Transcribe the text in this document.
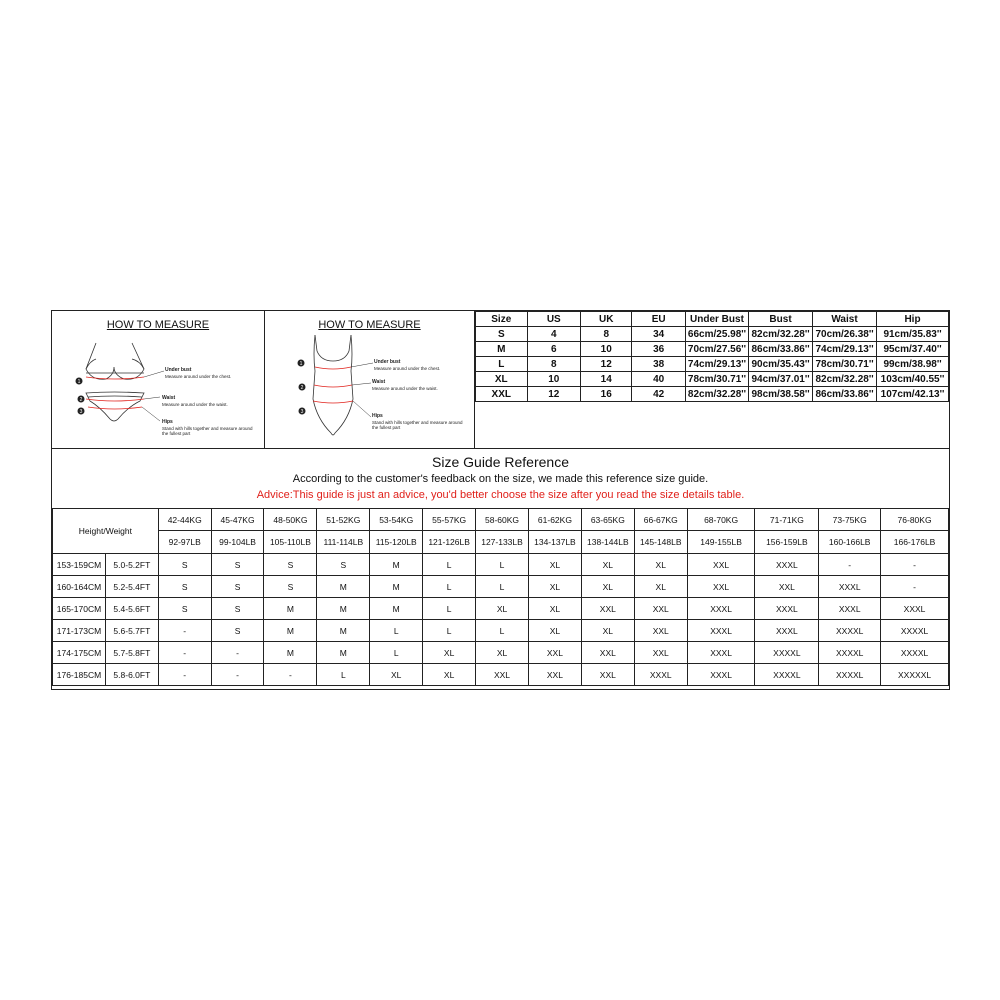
HOW TO MEASURE
1
2
3
Under bust
Measure around under the chest.
Waist
Measure around under the waist.
Hips
Stand with hills together and measure around the fullest part
HOW TO MEASURE
1
2
3
Under bust
Measure around under the chest.
Waist
Measure around under the waist.
Hips
Stand with hills together and measure around the fullest part
Size	US	UK	EU	Under Bust	Bust	Waist	Hip
S	4	8	34	66cm/25.98''	82cm/32.28''	70cm/26.38''	91cm/35.83''
M	6	10	36	70cm/27.56''	86cm/33.86''	74cm/29.13''	95cm/37.40''
L	8	12	38	74cm/29.13''	90cm/35.43''	78cm/30.71''	99cm/38.98''
XL	10	14	40	78cm/30.71''	94cm/37.01''	82cm/32.28''	103cm/40.55''
XXL	12	16	42	82cm/32.28''	98cm/38.58''	86cm/33.86''	107cm/42.13''
Size Guide Reference
According to the customer's feedback on the size, we made this reference size guide.
Advice:This guide is just an advice, you'd better choose the size after you read the size details table.
Height/Weight		42-44KG	45-47KG	48-50KG	51-52KG	53-54KG	55-57KG	58-60KG	61-62KG	63-65KG	66-67KG	68-70KG	71-71KG	73-75KG	76-80KG
		92-97LB	99-104LB	105-110LB	111-114LB	115-120LB	121-126LB	127-133LB	134-137LB	138-144LB	145-148LB	149-155LB	156-159LB	160-166LB	166-176LB
153-159CM	5.0-5.2FT	S	S	S	S	M	L	L	XL	XL	XL	XXL	XXXL	-	-
160-164CM	5.2-5.4FT	S	S	S	M	M	L	L	XL	XL	XL	XXL	XXL	XXXL	-
165-170CM	5.4-5.6FT	S	S	M	M	M	L	XL	XL	XXL	XXL	XXXL	XXXL	XXXL	XXXL
171-173CM	5.6-5.7FT	-	S	M	M	L	L	L	XL	XL	XXL	XXXL	XXXL	XXXXL	XXXXL
174-175CM	5.7-5.8FT	-	-	M	M	L	XL	XL	XXL	XXL	XXL	XXXL	XXXXL	XXXXL	XXXXL
176-185CM	5.8-6.0FT	-	-	-	L	XL	XL	XXL	XXL	XXL	XXXL	XXXL	XXXXL	XXXXL	XXXXXL
